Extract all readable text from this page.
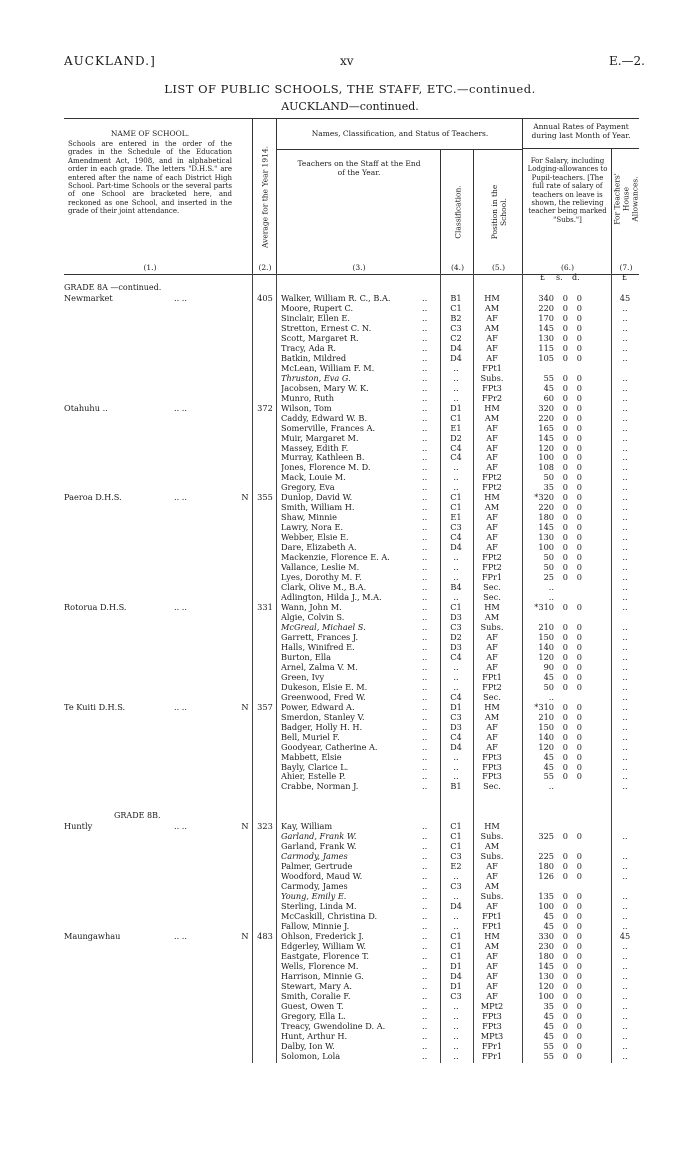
AUCKLAND.]	xv	E.—2.
LIST OF PUBLIC SCHOOLS, THE STAFF, ETC.—continued.
AUCKLAND—continued.
NAME OF SCHOOL.
Schools are entered in the order of the grades in the Schedule of the Education Amendment Act, 1908, and in alphabetical order in each grade. The letters "D.H.S." are entered after the name of each District High School. Part-time Schools or the several parts of one School are bracketed here, and reckoned as one School, and inserted in the grade of their joint attendance.
(1.)
Average for the Year 1914.
(2.)
Teachers on the Staff at the End of the Year.
(3.)
Names, Classification, and Status of Teachers.
Classification.
(4.)
Position in the School.
(5.)
Annual Rates of Payment during last Month of Year.
For Salary, including Lodging-allowances to Pupil-teachers. [The full rate of salary of teachers on leave is shown, the relieving teacher being marked "Subs."]
(6.)
For Teachers' House Allowances.
(7.)
£ s. d.	£
GRADE 8A —continued.
Newmarket	.. ..	405 Walker, William R. C., B.A.	..	B1	HM	340 0 0	45
Moore, Rupert C.	..	C1	AM	220 0 0	..
Sinclair, Ellen E.	..	B2	AF	170 0 0	..
Stretton, Ernest C. N.	..	C3	AM	145 0 0	..
Scott, Margaret R.	..	C2	AF	130 0 0	..
Tracy, Ada R.	..	D4	AF	115 0 0	..
Batkin, Mildred	..	D4	AF	105 0 0	..
McLean, William F. M.	..	..	FPt1
Thruston, Eva G.	..	..	Subs.	55 0 0	..
Jacobsen, Mary W. K.	..	..	FPt3	45 0 0	..
Munro, Ruth	..	..	FPr2	60 0 0	..
Otahuhu ..	.. ..	372 Wilson, Tom	..	D1	HM	320 0 0	..
Caddy, Edward W. B.	..	C1	AM	220 0 0	..
Somerville, Frances A.	..	E1	AF	165 0 0	..
Muir, Margaret M.	..	D2	AF	145 0 0	..
Massey, Edith F.	..	C4	AF	120 0 0	..
Murray, Kathleen B.	..	C4	AF	100 0 0	..
Jones, Florence M. D.	..	..	AF	108 0 0	..
Mack, Louie M.	..	..	FPt2	50 0 0	..
Gregory, Eva	..	..	FPt2	35 0 0	..
Paeroa D.H.S.	.. ..	N	355 Dunlop, David W.	..	C1	HM	*320 0 0	..
Smith, William H.	..	C1	AM	220 0 0	..
Shaw, Minnie	..	E1	AF	180 0 0	..
Lawry, Nora E.	..	C3	AF	145 0 0	..
Webber, Elsie E.	..	C4	AF	130 0 0	..
Dare, Elizabeth A.	..	D4	AF	100 0 0	..
Mackenzie, Florence E. A.	..	..	FPt2	50 0 0	..
Vallance, Leslie M.	..	..	FPt2	50 0 0	..
Lyes, Dorothy M. F.	..	..	FPr1	25 0 0	..
Clark, Olive M., B.A.	..	B4	Sec.	..	..
Adlington, Hilda J., M.A.	..	..	Sec.	..	..
Rotorua D.H.S.	.. ..	331 Wann, John M.	..	C1	HM	*310 0 0	..
Algie, Colvin S.	..	D3	AM
McGreal, Michael S.	..	C3	Subs.	210 0 0	..
Garrett, Frances J.	..	D2	AF	150 0 0	..
Halls, Winifred E.	..	D3	AF	140 0 0	..
Burton, Ella	..	C4	AF	120 0 0	..
Arnel, Zalma V. M.	..	..	AF	90 0 0	..
Green, Ivy	..	..	FPt1	45 0 0	..
Dukeson, Elsie E. M.	..	..	FPt2	50 0 0	..
Greenwood, Fred W.	..	C4	Sec.	..	..
Te Kuiti D.H.S.	.. ..	N	357 Power, Edward A.	..	D1	HM	*310 0 0	..
Smerdon, Stanley V.	..	C3	AM	210 0 0	..
Badger, Holly H. H.	..	D3	AF	150 0 0	..
Bell, Muriel F.	..	C4	AF	140 0 0	..
Goodyear, Catherine A.	..	D4	AF	120 0 0	..
Mabbett, Elsie	..	..	FPt3	45 0 0	..
Bayly, Clarice L.	..	..	FPt3	45 0 0	..
Ahier, Estelle P.	..	..	FPt3	55 0 0	..
Crabbe, Norman J.	..	B1	Sec.	..	..
GRADE 8B.
Huntly	.. ..	N	323 Kay, William	..	C1	HM
Garland, Frank W.	..	C1	Subs.	325 0 0	..
Garland, Frank W.	..	C1	AM
Carmody, James	..	C3	Subs.	225 0 0	..
Palmer, Gertrude	..	E2	AF	180 0 0	..
Woodford, Maud W.	..	..	AF	126 0 0	..
Carmody, James	..	C3	AM
Young, Emily E.	..	..	Subs.	135 0 0	..
Sterling, Linda M.	..	D4	AF	100 0 0	..
McCaskill, Christina D.	..	..	FPt1	45 0 0	..
Fallow, Minnie J.	..	..	FPt1	45 0 0	..
Maungawhau	.. ..	N	483 Ohlson, Frederick J.	..	C1	HM	330 0 0	45
Edgerley, William W.	..	C1	AM	230 0 0	..
Eastgate, Florence T.	..	C1	AF	180 0 0	..
Wells, Florence M.	..	D1	AF	145 0 0	..
Harrison, Minnie G.	..	D4	AF	130 0 0	..
Stewart, Mary A.	..	D1	AF	120 0 0	..
Smith, Coralie F.	..	C3	AF	100 0 0	..
Guest, Owen T.	..	..	MPt2	35 0 0	..
Gregory, Ella L.	..	..	FPt3	45 0 0	..
Treacy, Gwendoline D. A.	..	..	FPt3	45 0 0	..
Hunt, Arthur H.	..	..	MPt3	45 0 0	..
Dalby, Ion W.	..	..	FPr1	55 0 0	..
Solomon, Lola	..	..	FPr1	55 0 0	..
